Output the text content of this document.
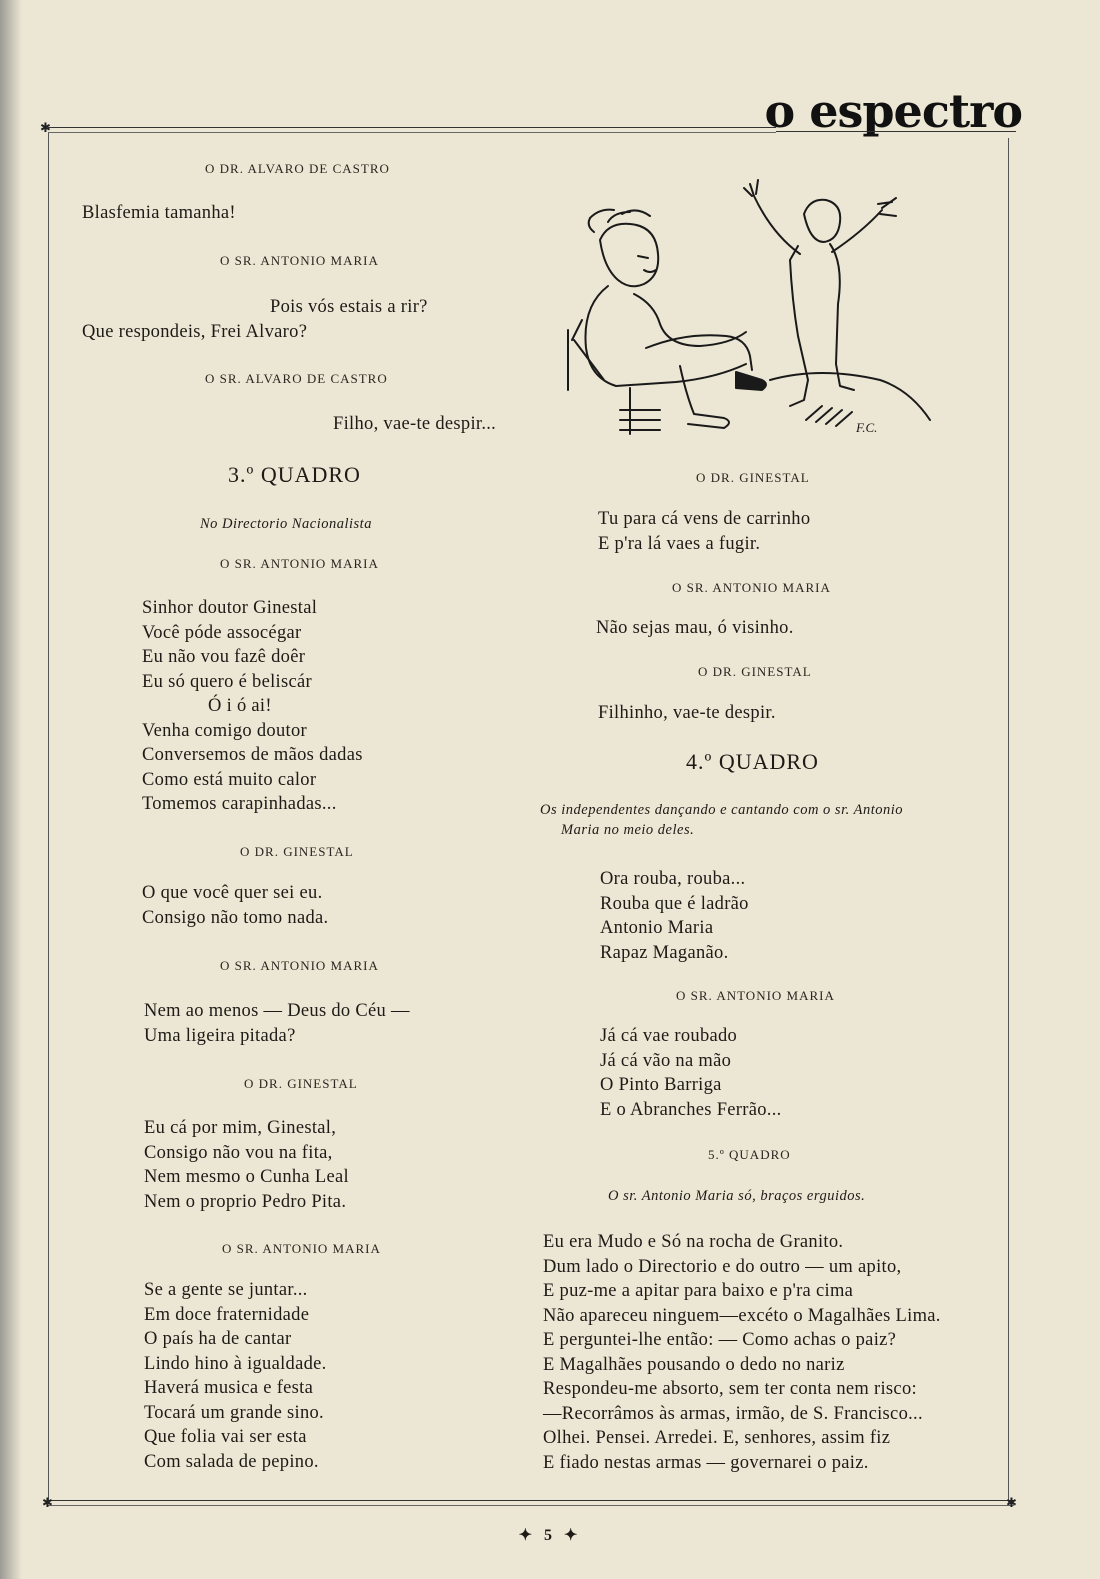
o espectro
✱
✱	✱
O DR. ALVARO DE CASTRO
Blasfemia tamanha!
O SR. ANTONIO MARIA
Pois vós estais a rir?
Que respondeis, Frei Alvaro?
O SR. ALVARO DE CASTRO
Filho, vae-te despir...
3.º QUADRO
No Directorio Nacionalista
O SR. ANTONIO MARIA
Sinhor doutor Ginestal
Você póde assocégar
Eu não vou fazê doêr
Eu só quero é beliscár
Ó i ó ai!
Venha comigo doutor
Conversemos de mãos dadas
Como está muito calor
Tomemos carapinhadas...
O DR. GINESTAL
O que você quer sei eu.
Consigo não tomo nada.
O SR. ANTONIO MARIA
Nem ao menos — Deus do Céu —
Uma ligeira pitada?
O DR. GINESTAL
Eu cá por mim, Ginestal,
Consigo não vou na fita,
Nem mesmo o Cunha Leal
Nem o proprio Pedro Pita.
O SR. ANTONIO MARIA
Se a gente se juntar...
Em doce fraternidade
O país ha de cantar
Lindo hino à igualdade.
Haverá musica e festa
Tocará um grande sino.
Que folia vai ser esta
Com salada de pepino.
F.C.
O DR. GINESTAL
Tu para cá vens de carrinho
E p'ra lá vaes a fugir.
O SR. ANTONIO MARIA
Não sejas mau, ó visinho.
O DR. GINESTAL
Filhinho, vae-te despir.
4.º QUADRO
Os independentes dançando e cantando com o sr. Antonio
Maria no meio deles.
Ora rouba, rouba...
Rouba que é ladrão
Antonio Maria
Rapaz Maganão.
O SR. ANTONIO MARIA
Já cá vae roubado
Já cá vão na mão
O Pinto Barriga
E o Abranches Ferrão...
5.º QUADRO
O sr. Antonio Maria só, braços erguidos.
Eu era Mudo e Só na rocha de Granito.
Dum lado o Directorio e do outro — um apito,
E puz-me a apitar para baixo e p'ra cima
Não apareceu ninguem—excéto o Magalhães Lima.
E perguntei-lhe então: — Como achas o paiz?
E Magalhães pousando o dedo no nariz
Respondeu-me absorto, sem ter conta nem risco:
—Recorrâmos às armas, irmão, de S. Francisco...
Olhei. Pensei. Arredei. E, senhores, assim fiz
E fiado nestas armas — governarei o paiz.
✦ 5 ✦
